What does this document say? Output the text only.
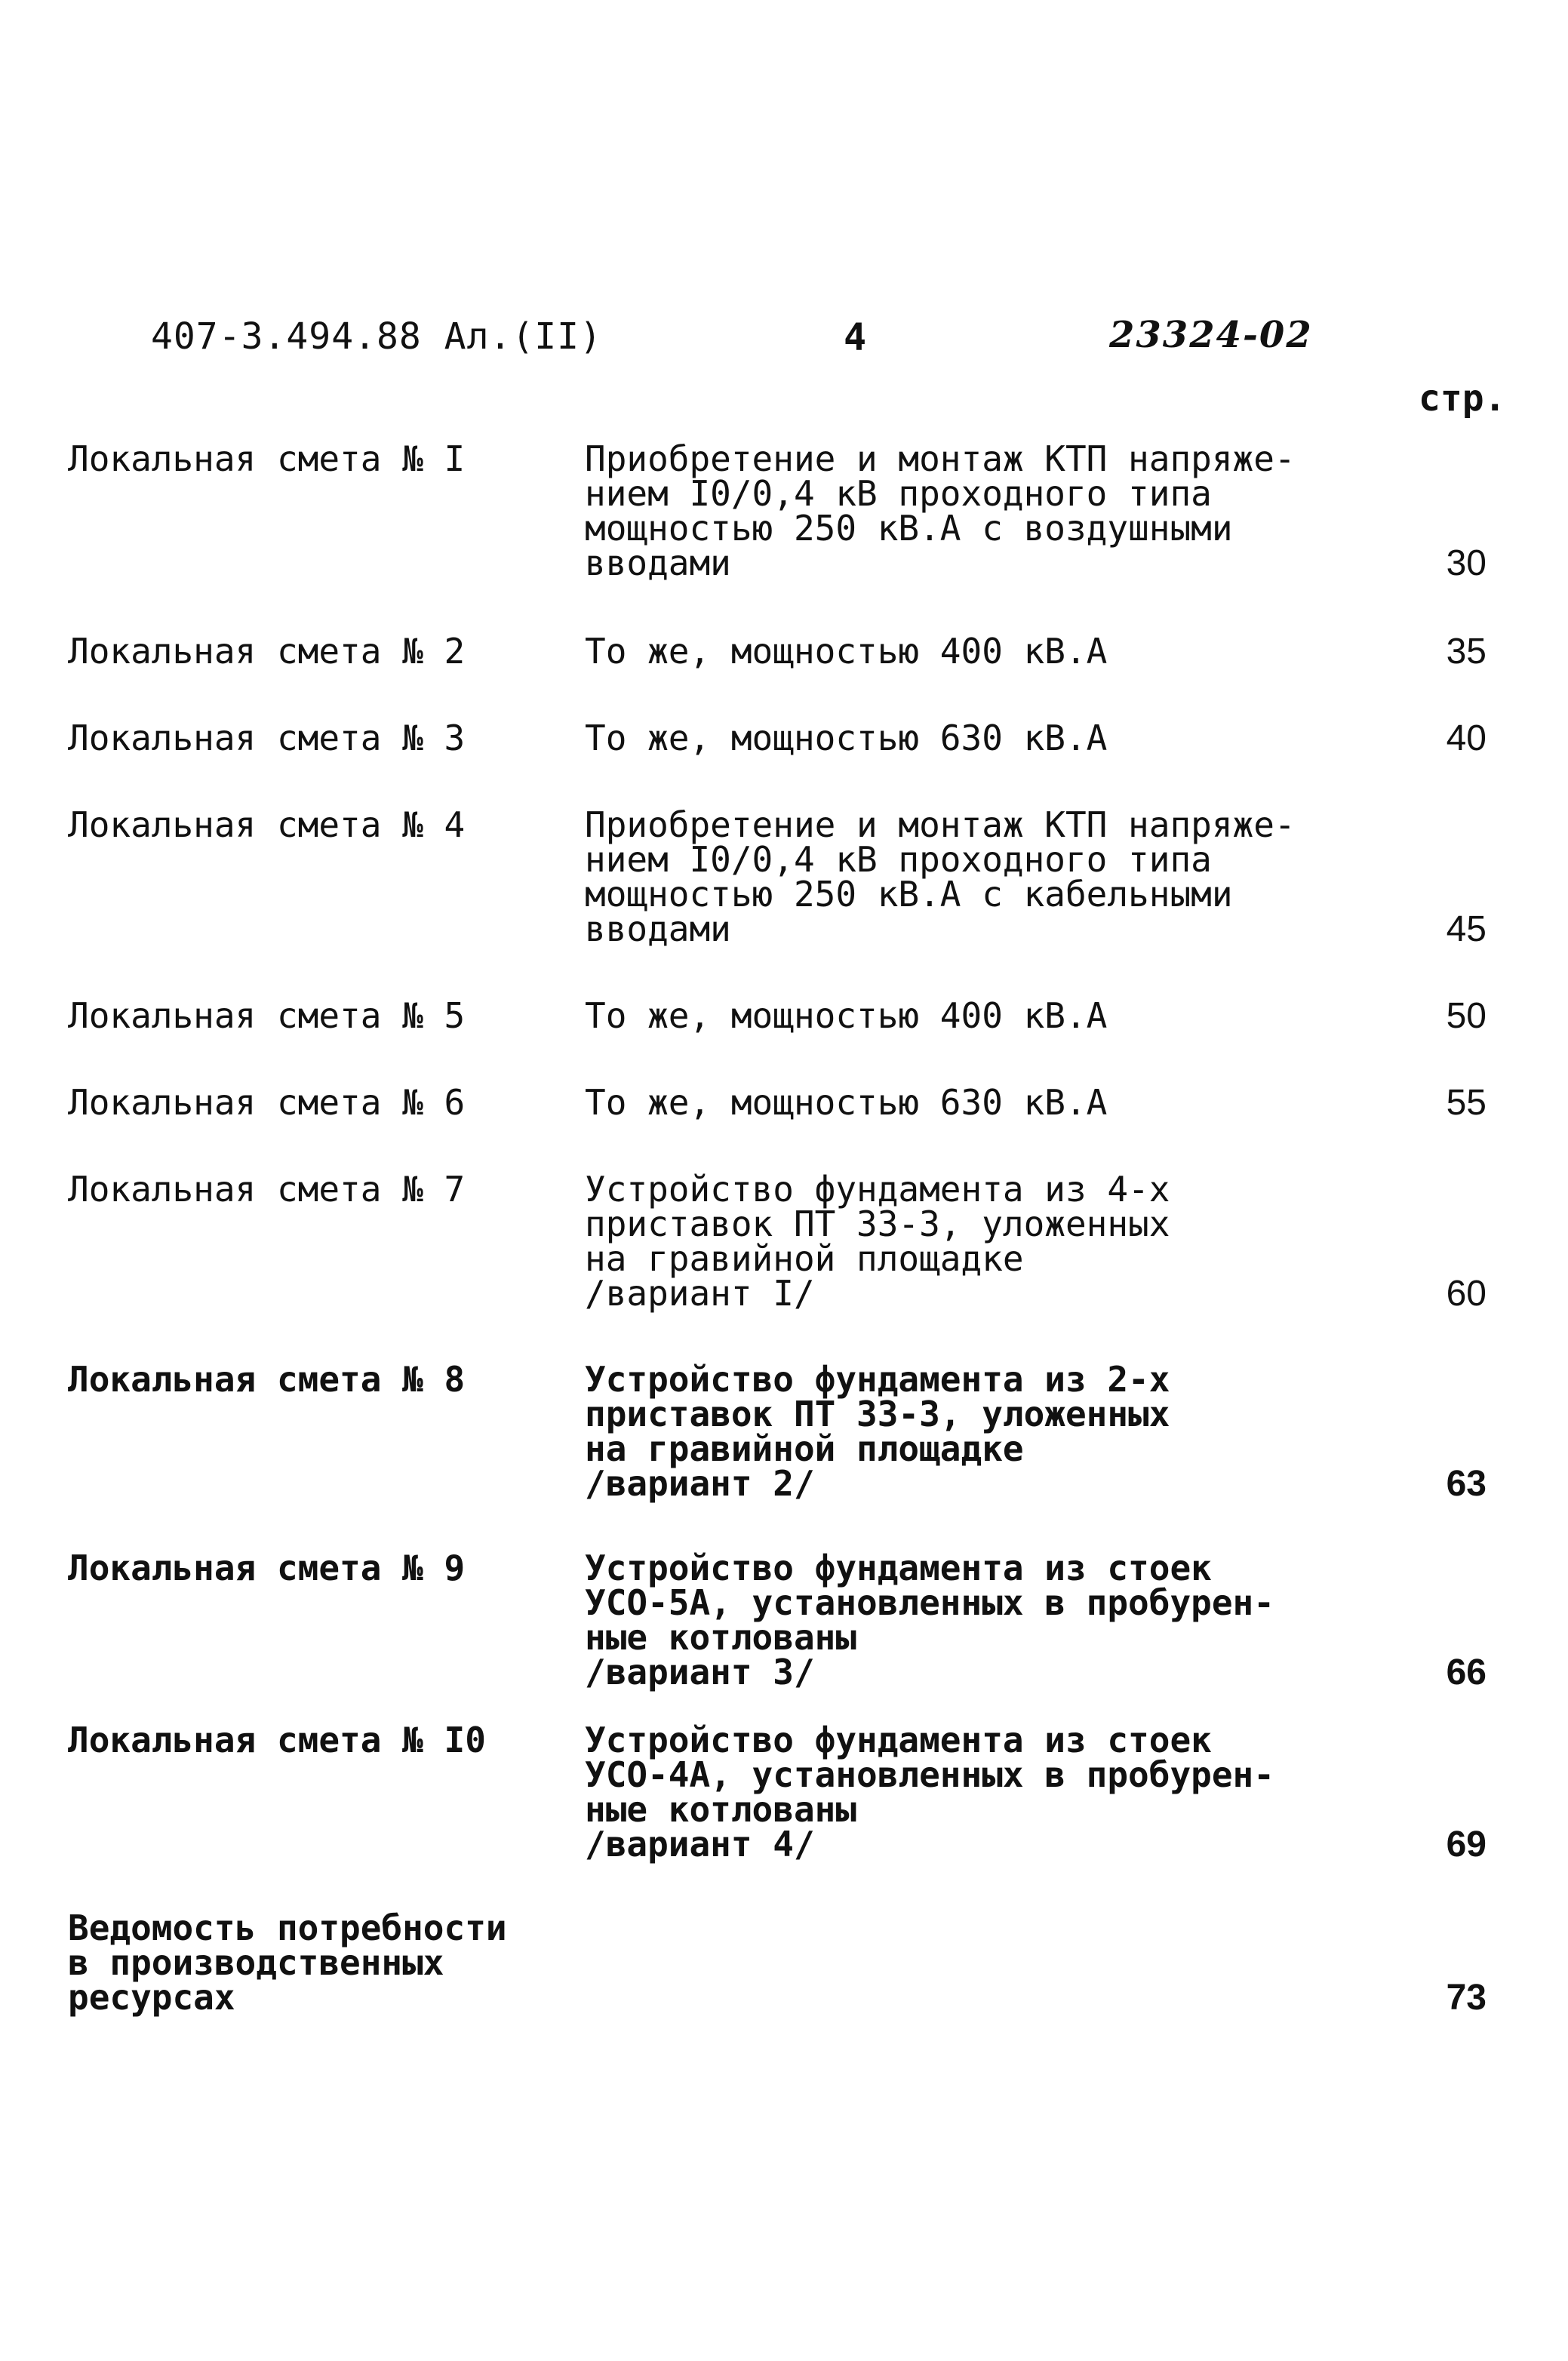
407-3.494.88 Ал.(II)	4	23324-02
стр.
Локальная смета № I	Приобретение и монтаж КТП напряже-
нием I0/0,4 кВ проходного типа
мощностью 250 кВ.А с воздушными
вводами	30
Локальная смета № 2	То же, мощностью 400 кВ.А	35
Локальная смета № 3	То же, мощностью 630 кВ.А	40
Локальная смета № 4	Приобретение и монтаж КТП напряже-
нием I0/0,4 кВ проходного типа
мощностью 250 кВ.А с кабельными
вводами	45
Локальная смета № 5	То же, мощностью 400 кВ.А	50
Локальная смета № 6	То же, мощностью 630 кВ.А	55
Локальная смета № 7	Устройство фундамента из 4-х
приставок ПТ 33-3, уложенных
на гравийной площадке
/вариант I/	60
Локальная смета № 8	Устройство фундамента из 2-х
приставок ПТ 33-3, уложенных
на гравийной площадке
/вариант 2/	63
Локальная смета № 9	Устройство фундамента из стоек
УСО-5А, установленных в пробурен-
ные котлованы
/вариант 3/	66
Локальная смета № I0	Устройство фундамента из стоек
УСО-4А, установленных в пробурен-
ные котлованы
/вариант 4/	69
Ведомость потребности
в производственных
ресурсах	73
